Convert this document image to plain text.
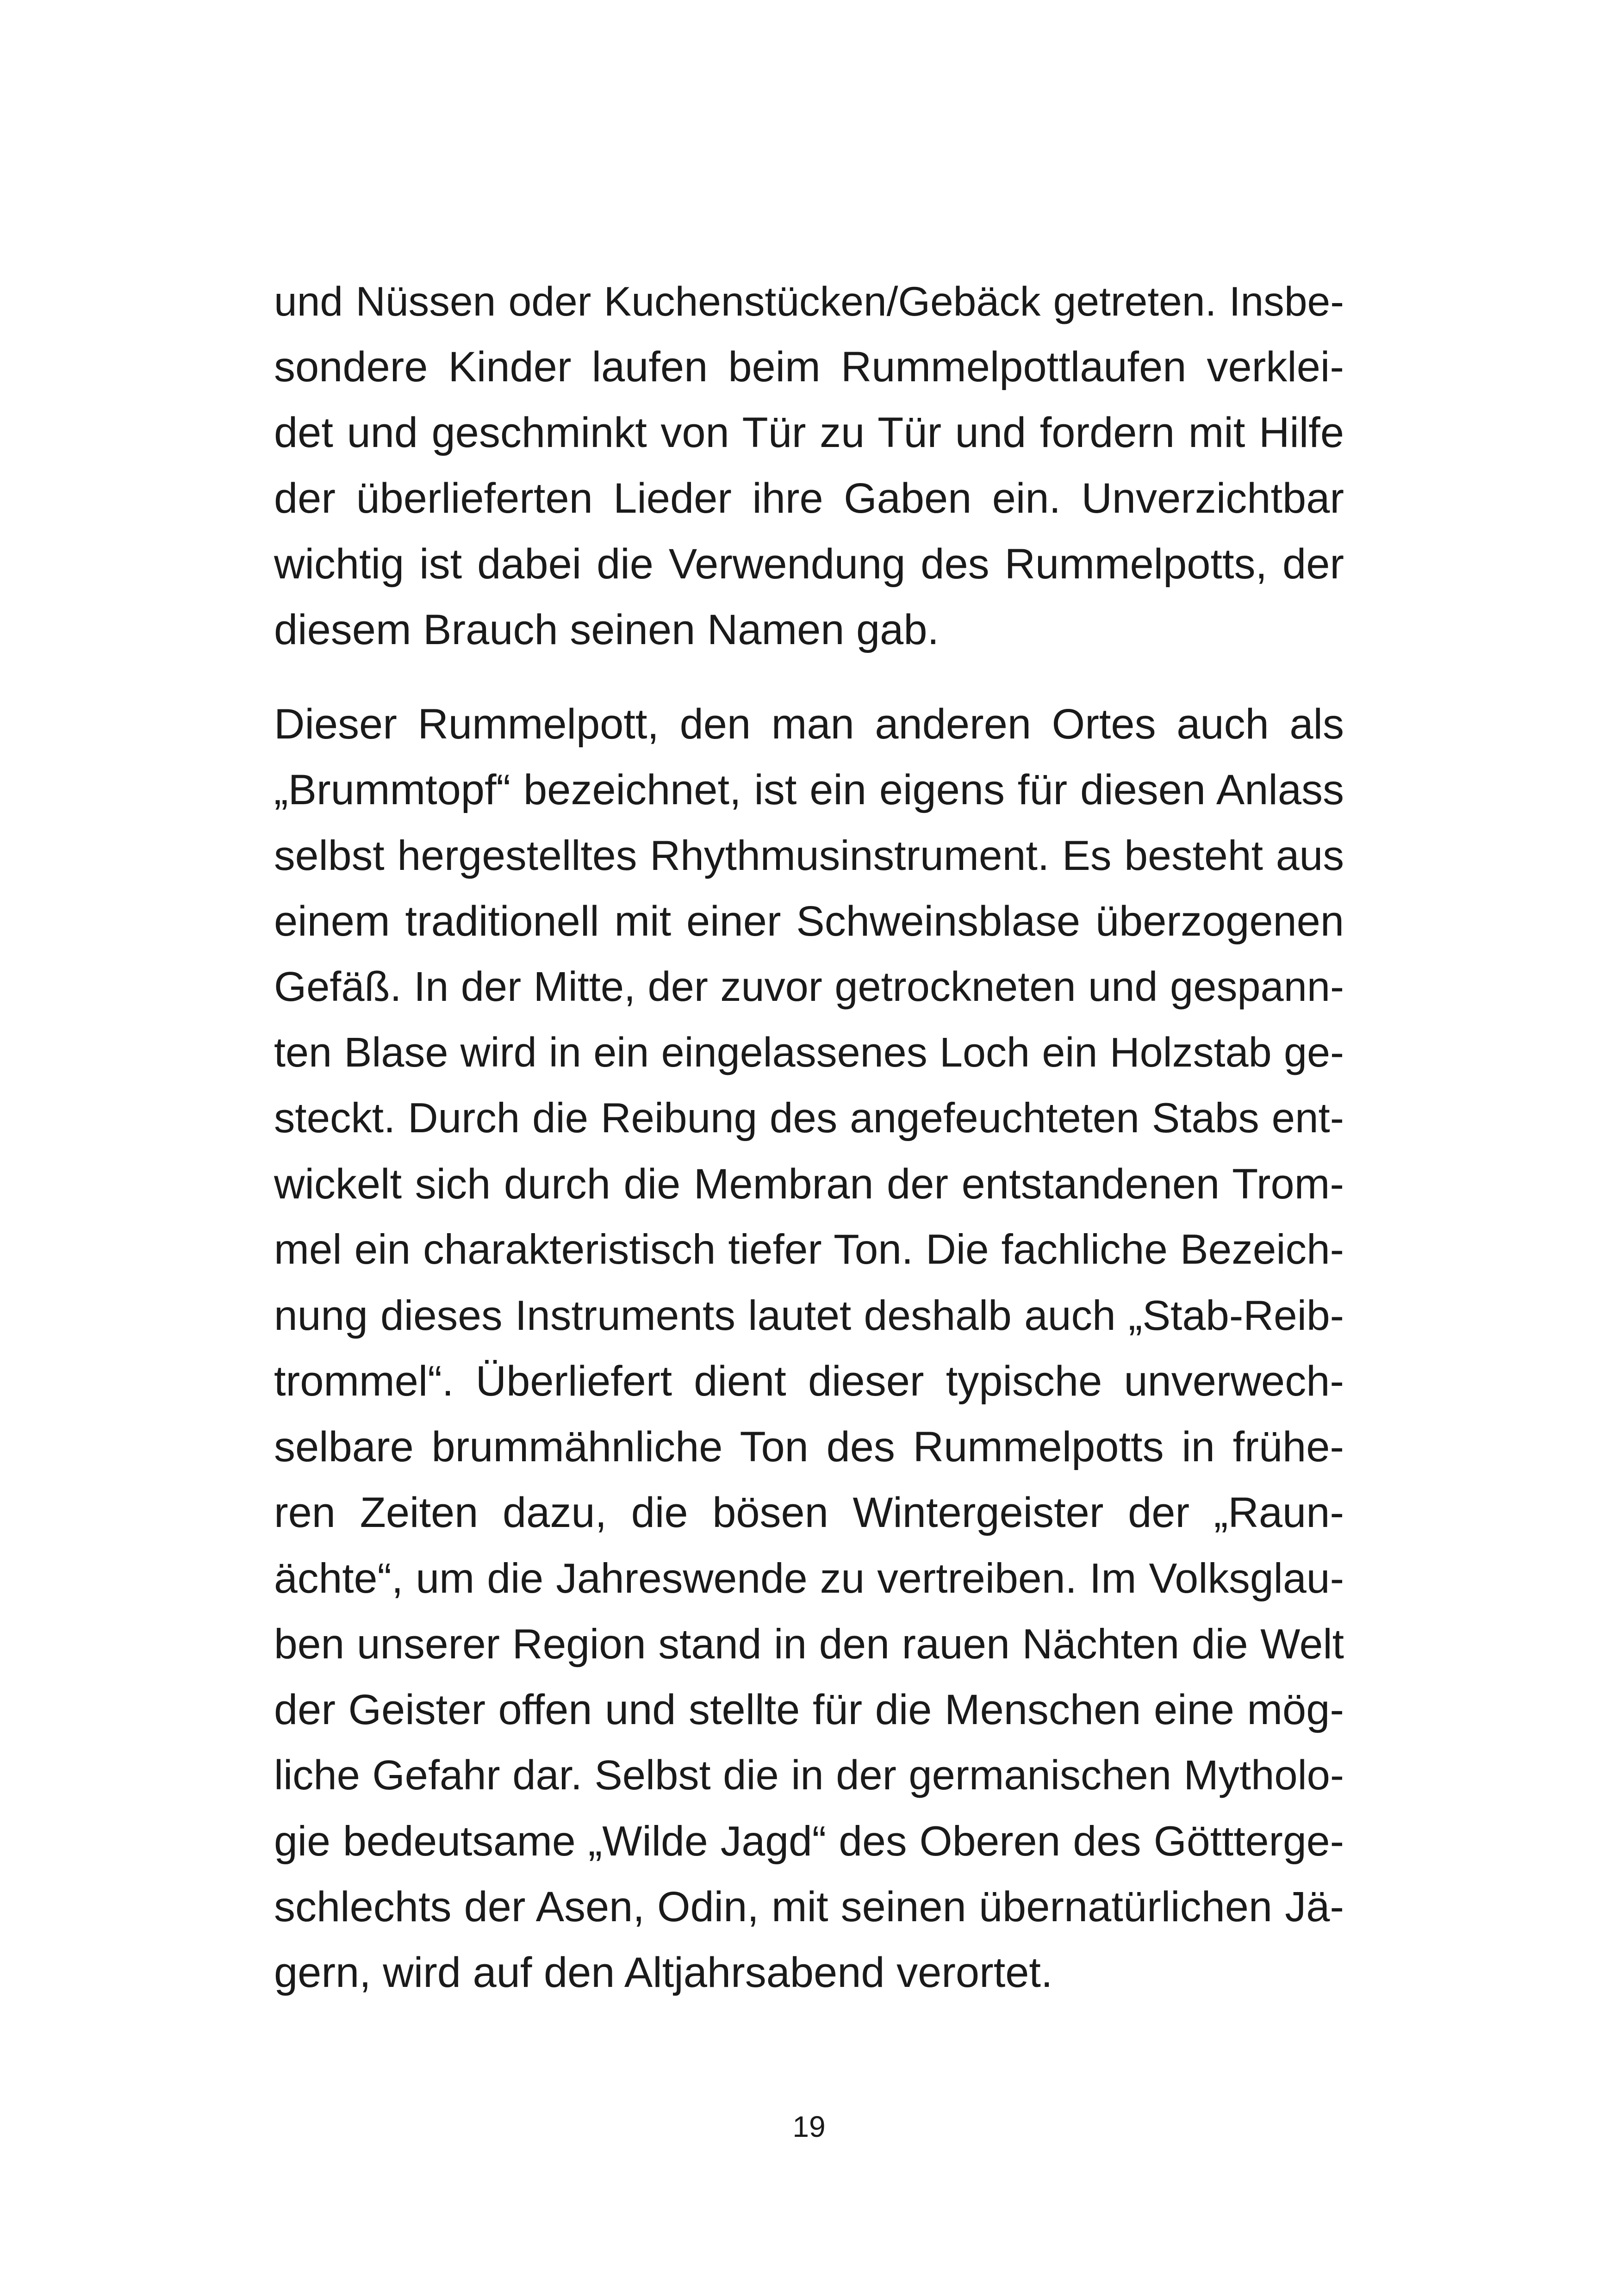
und Nüssen oder Kuchenstücken/Gebäck getreten. Insbe-
sondere Kinder laufen beim Rummelpottlaufen verklei-
det und geschminkt von Tür zu Tür und fordern mit Hilfe
der überlieferten Lieder ihre Gaben ein. Unverzichtbar
wichtig ist dabei die Verwendung des Rummelpotts, der
diesem Brauch seinen Namen gab.
Dieser Rummelpott, den man anderen Ortes auch als
„Brummtopf“ bezeichnet, ist ein eigens für diesen Anlass
selbst hergestelltes Rhythmusinstrument. Es besteht aus
einem traditionell mit einer Schweinsblase überzogenen
Gefäß. In der Mitte, der zuvor getrockneten und gespann-
ten Blase wird in ein eingelassenes Loch ein Holzstab ge-
steckt. Durch die Reibung des angefeuchteten Stabs ent-
wickelt sich durch die Membran der entstandenen Trom-
mel ein charakteristisch tiefer Ton. Die fachliche Bezeich-
nung dieses Instruments lautet deshalb auch „Stab-Reib-
trommel“. Überliefert dient dieser typische unverwech-
selbare brummähnliche Ton des Rummelpotts in frühe-
ren Zeiten dazu, die bösen Wintergeister der „Raun-
ächte“, um die Jahreswende zu vertreiben. Im Volksglau-
ben unserer Region stand in den rauen Nächten die Welt
der Geister offen und stellte für die Menschen eine mög-
liche Gefahr dar. Selbst die in der germanischen Mytholo-
gie bedeutsame „Wilde Jagd“ des Oberen des Göttterge-
schlechts der Asen, Odin, mit seinen übernatürlichen Jä-
gern, wird auf den Altjahrsabend verortet.
19
